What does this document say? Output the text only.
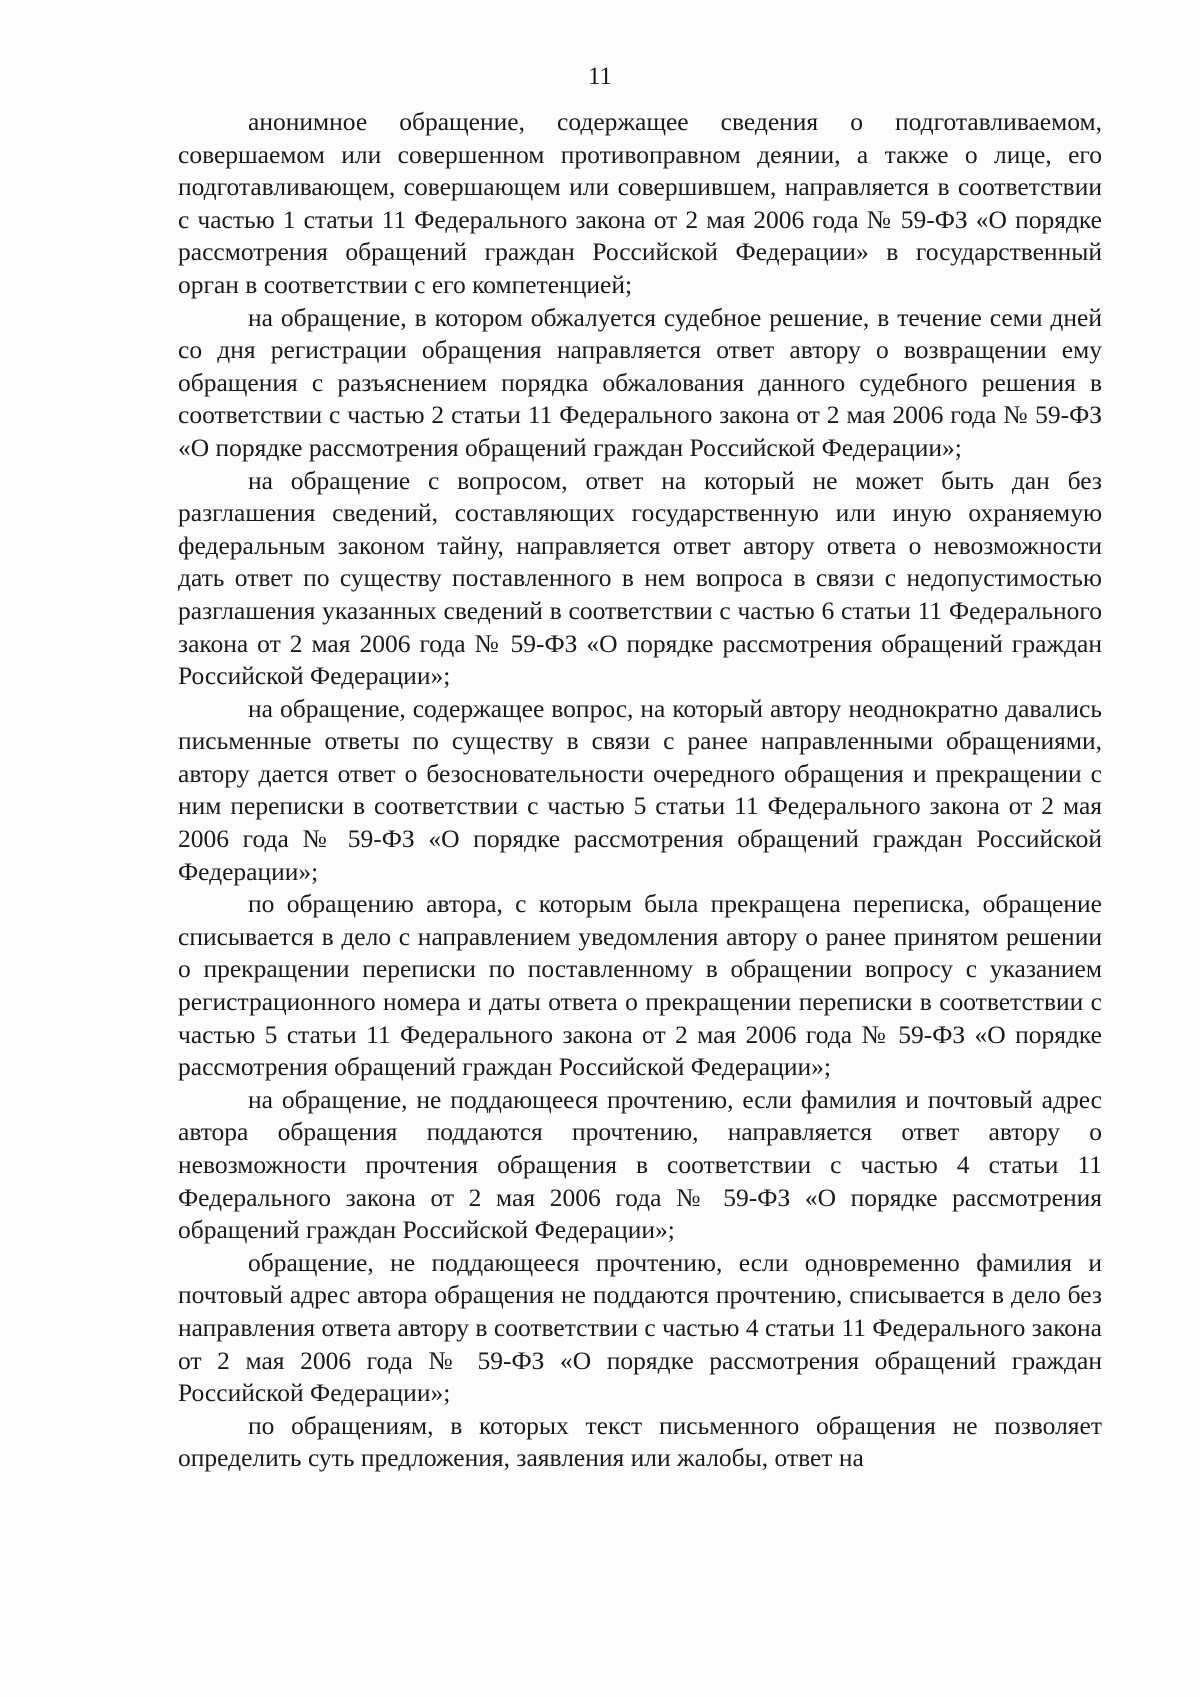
11

анонимное обращение, содержащее сведения о подготавливаемом, совершаемом или совершенном противоправном деянии, а также о лице, его подготавливающем, совершающем или совершившем, направляется в соответствии с частью 1 статьи 11 Федерального закона от 2 мая 2006 года № 59-ФЗ «О порядке рассмотрения обращений граждан Российской Федерации» в государственный орган в соответствии с его компетенцией;

на обращение, в котором обжалуется судебное решение, в течение семи дней со дня регистрации обращения направляется ответ автору о возвращении ему обращения с разъяснением порядка обжалования данного судебного решения в соответствии с частью 2 статьи 11 Федерального закона от 2 мая 2006 года № 59-ФЗ «О порядке рассмотрения обращений граждан Российской Федерации»;

на обращение с вопросом, ответ на который не может быть дан без разглашения сведений, составляющих государственную или иную охраняемую федеральным законом тайну, направляется ответ автору ответа о невозможности дать ответ по существу поставленного в нем вопроса в связи с недопустимостью разглашения указанных сведений в соответствии с частью 6 статьи 11 Федерального закона от 2 мая 2006 года № 59-ФЗ «О порядке рассмотрения обращений граждан Российской Федерации»;

на обращение, содержащее вопрос, на который автору неоднократно давались письменные ответы по существу в связи с ранее направленными обращениями, автору дается ответ о безосновательности очередного обращения и прекращении с ним переписки в соответствии с частью 5 статьи 11 Федерального закона от 2 мая 2006 года № 59-ФЗ «О порядке рассмотрения обращений граждан Российской Федерации»;

по обращению автора, с которым была прекращена переписка, обращение списывается в дело с направлением уведомления автору о ранее принятом решении о прекращении переписки по поставленному в обращении вопросу с указанием регистрационного номера и даты ответа о прекращении переписки в соответствии с частью 5 статьи 11 Федерального закона от 2 мая 2006 года № 59-ФЗ «О порядке рассмотрения обращений граждан Российской Федерации»;

на обращение, не поддающееся прочтению, если фамилия и почтовый адрес автора обращения поддаются прочтению, направляется ответ автору о невозможности прочтения обращения в соответствии с частью 4 статьи 11 Федерального закона от 2 мая 2006 года № 59-ФЗ «О порядке рассмотрения обращений граждан Российской Федерации»;

обращение, не поддающееся прочтению, если одновременно фамилия и почтовый адрес автора обращения не поддаются прочтению, списывается в дело без направления ответа автору в соответствии с частью 4 статьи 11 Федерального закона от 2 мая 2006 года № 59-ФЗ «О порядке рассмотрения обращений граждан Российской Федерации»;

по обращениям, в которых текст письменного обращения не позволяет определить суть предложения, заявления или жалобы, ответ на
